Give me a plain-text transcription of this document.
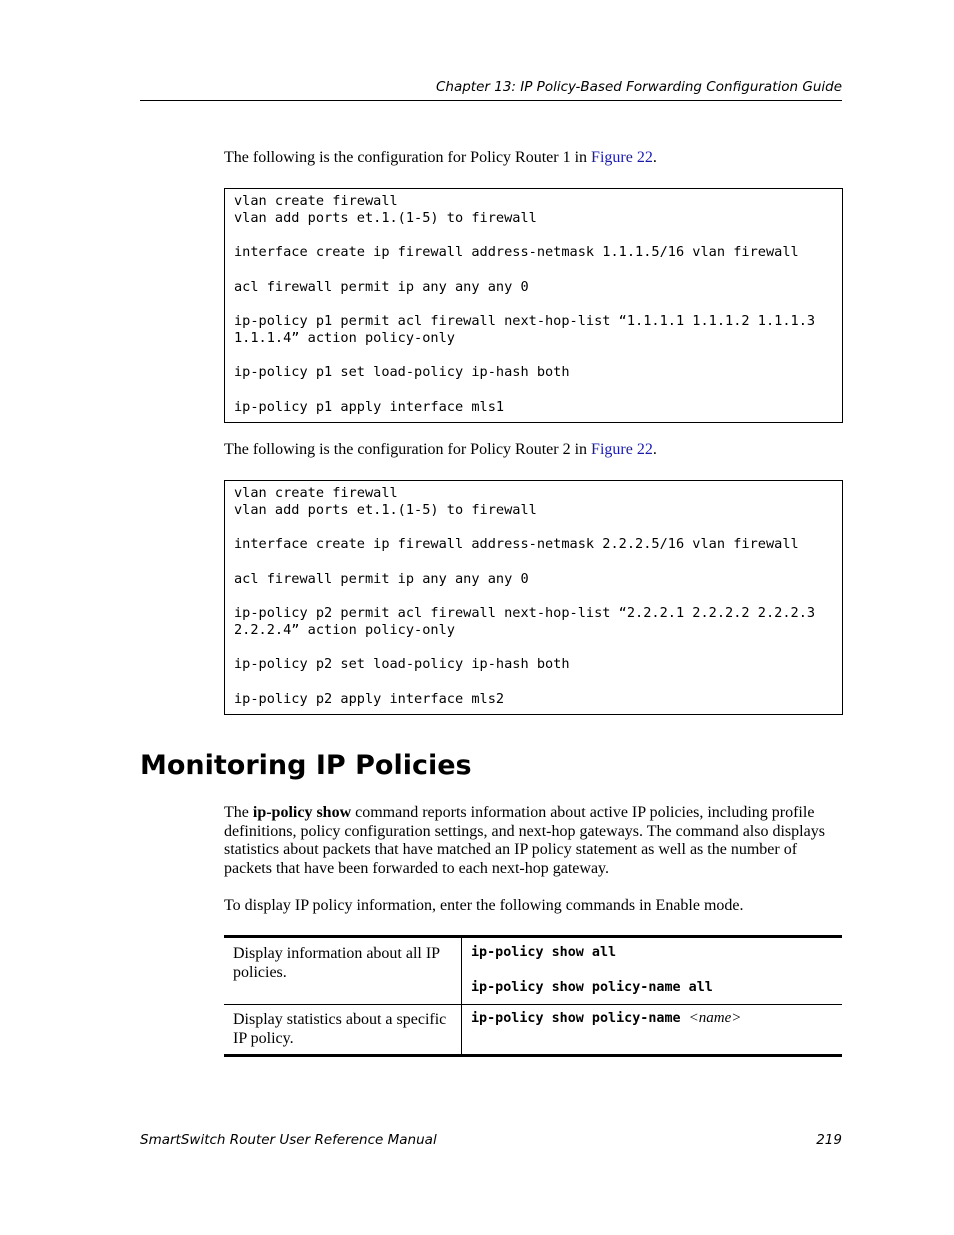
Chapter 13: IP Policy-Based Forwarding Configuration Guide
The following is the configuration for Policy Router 1 in Figure 22.
vlan create firewall
vlan add ports et.1.(1-5) to firewall
interface create ip firewall address-netmask 1.1.1.5/16 vlan firewall
acl firewall permit ip any any any 0
ip-policy p1 permit acl firewall next-hop-list “1.1.1.1 1.1.1.2 1.1.1.3
1.1.1.4” action policy-only
ip-policy p1 set load-policy ip-hash both
ip-policy p1 apply interface mls1
The following is the configuration for Policy Router 2 in Figure 22.
vlan create firewall
vlan add ports et.1.(1-5) to firewall
interface create ip firewall address-netmask 2.2.2.5/16 vlan firewall
acl firewall permit ip any any any 0
ip-policy p2 permit acl firewall next-hop-list “2.2.2.1 2.2.2.2 2.2.2.3
2.2.2.4” action policy-only
ip-policy p2 set load-policy ip-hash both
ip-policy p2 apply interface mls2
Monitoring IP Policies
The ip-policy show command reports information about active IP policies, including profile definitions, policy configuration settings, and next-hop gateways. The command also displays statistics about packets that have matched an IP policy statement as well as the number of packets that have been forwarded to each next-hop gateway.
To display IP policy information, enter the following commands in Enable mode.
Display information about all IP policies.	ip-policy show all
ip-policy show policy-name all

Display statistics about a specific IP policy.	ip-policy show policy-name <name>
SmartSwitch Router User Reference Manual	219
